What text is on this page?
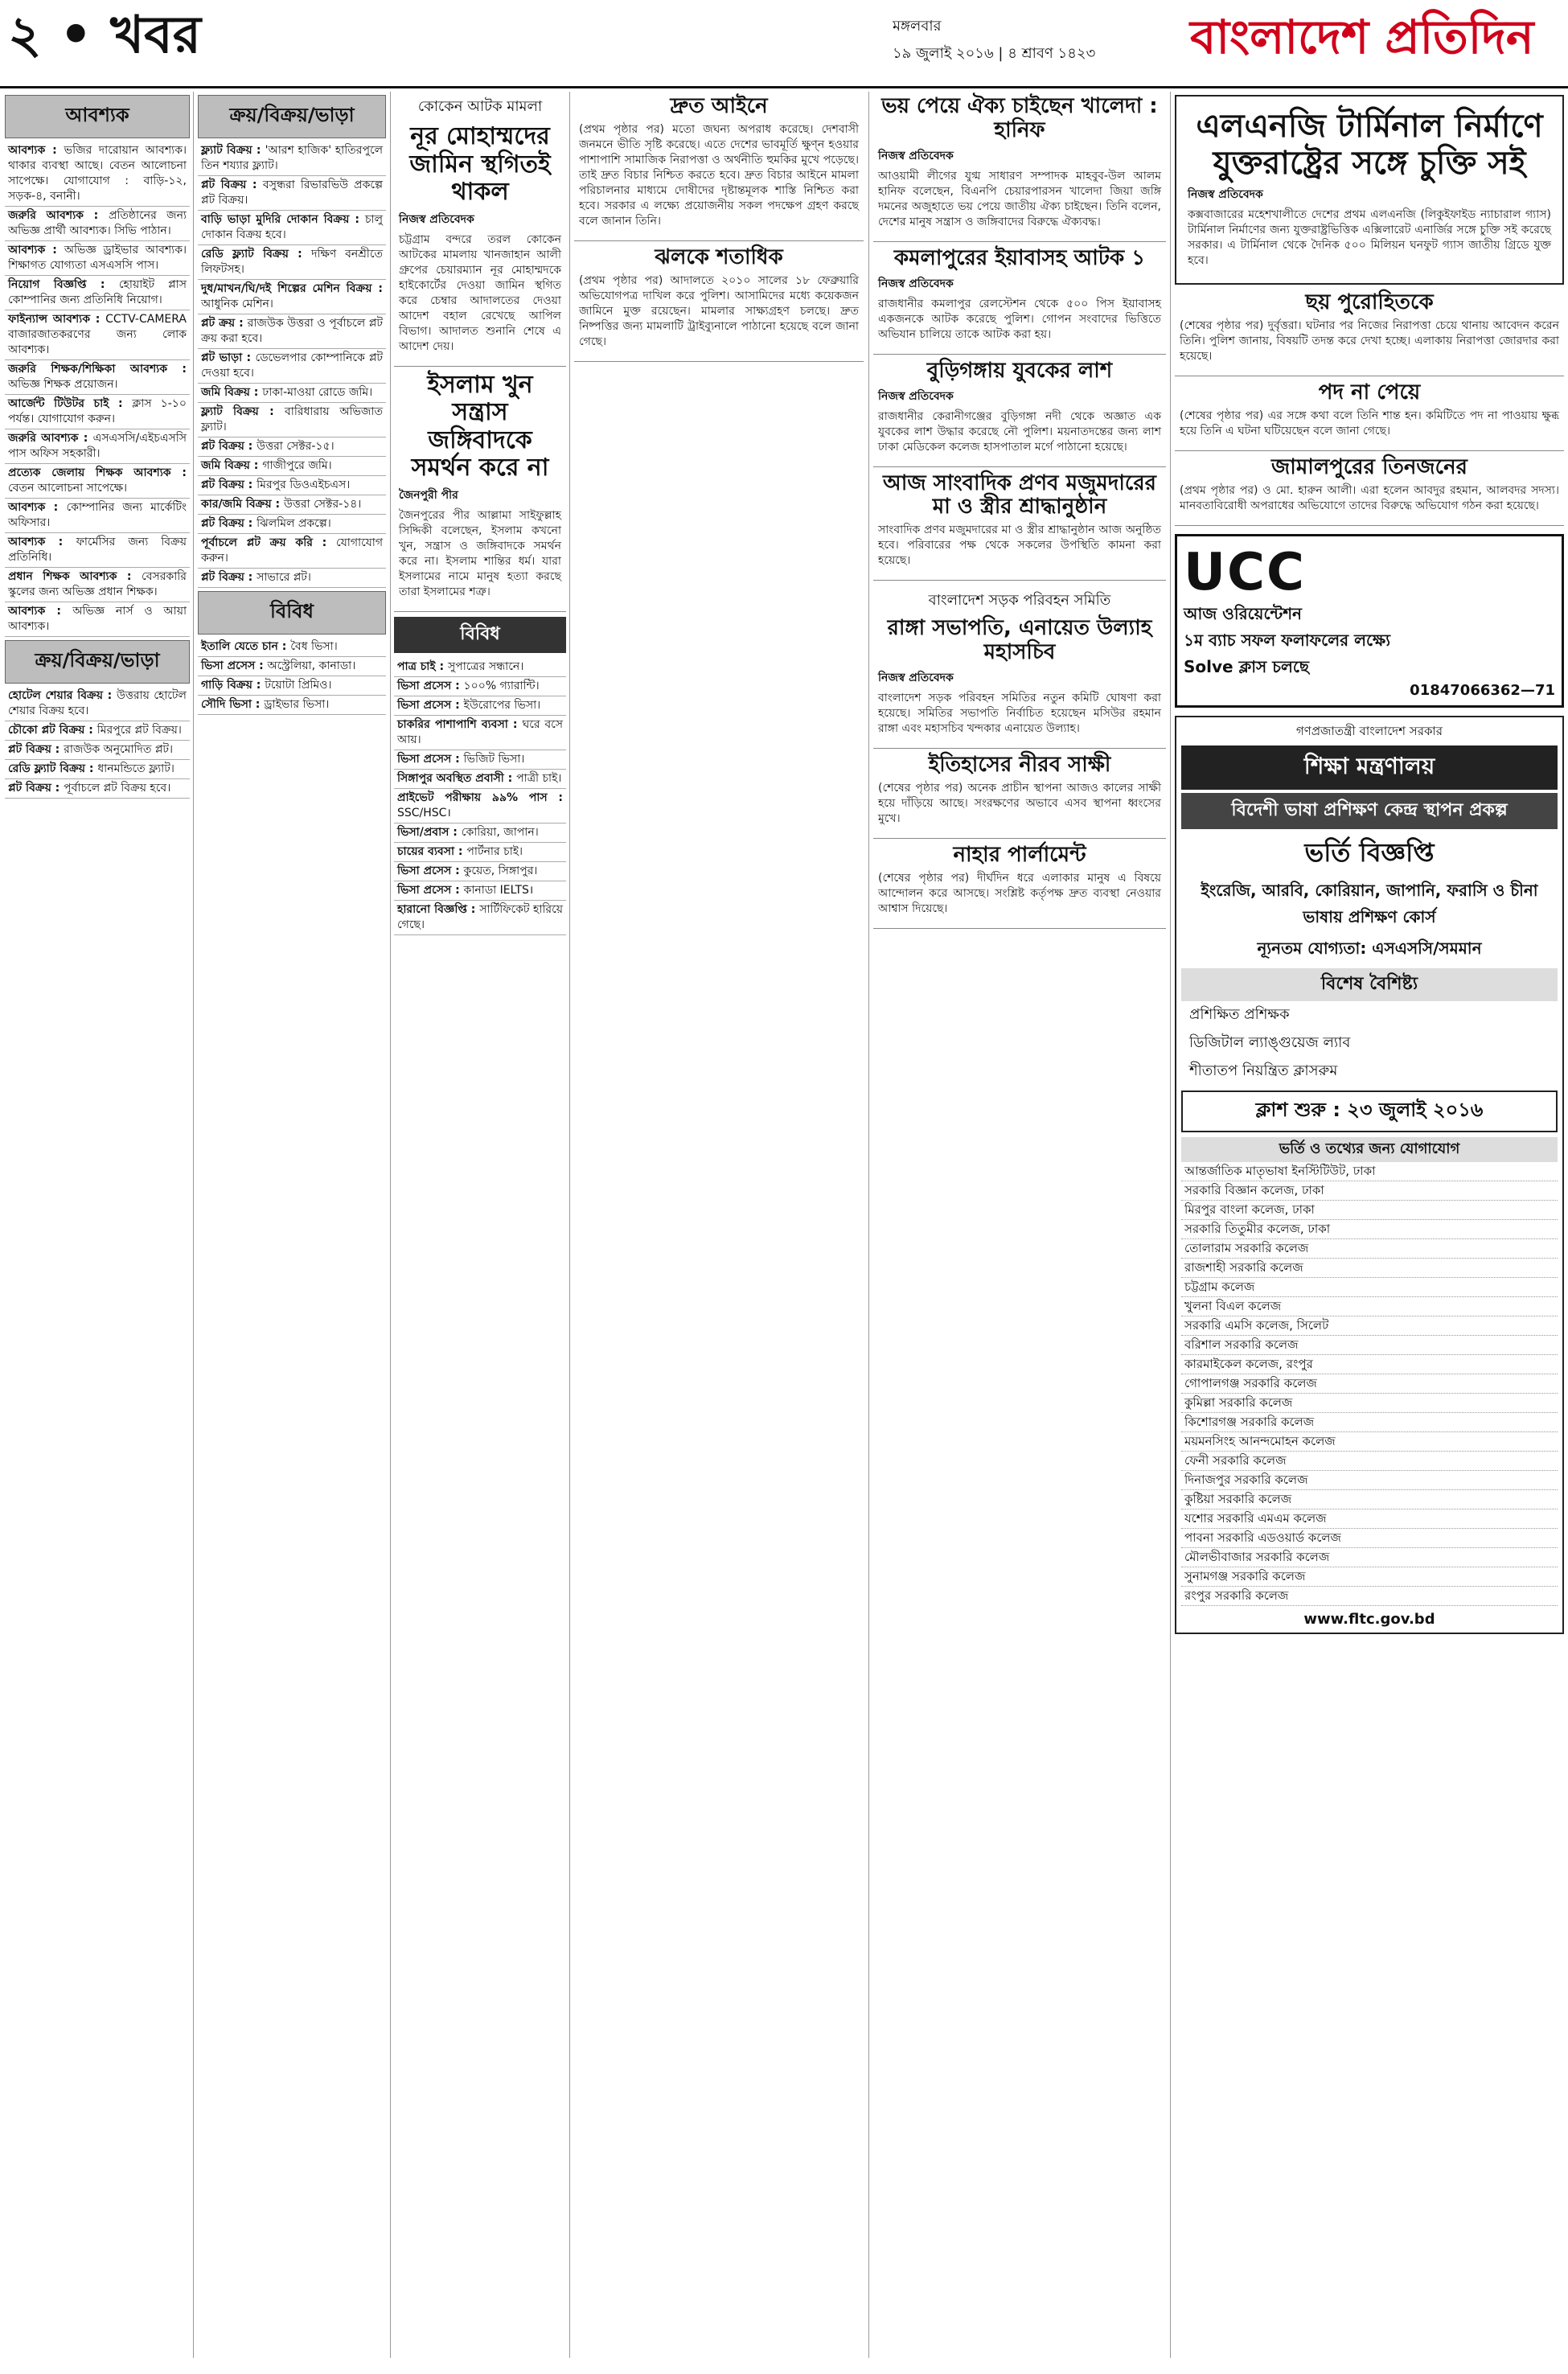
২ • খবর	মঙ্গলবার
১৯ জুলাই ২০১৬ | ৪ শ্রাবণ ১৪২৩ বাংলাদেশ প্রতিদিন
আবশ্যক
আবশ্যক : ভজির দারোয়ান আবশ্যক। থাকার ব্যবস্থা আছে। বেতন আলোচনা সাপেক্ষে। যোগাযোগ : বাড়ি-১২, সড়ক-৪, বনানী।
জরুরি আবশ্যক : প্রতিষ্ঠানের জন্য অভিজ্ঞ প্রার্থী আবশ্যক। সিভি পাঠান।
আবশ্যক : অভিজ্ঞ ড্রাইভার আবশ্যক। শিক্ষাগত যোগ্যতা এসএসসি পাস।
নিয়োগ বিজ্ঞপ্তি : হোয়াইট প্লাস কোম্পানির জন্য প্রতিনিধি নিয়োগ।
ফাইন্যান্স আবশ্যক : CCTV-CAMERA বাজারজাতকরণের জন্য লোক আবশ্যক।
জরুরি শিক্ষক/শিক্ষিকা আবশ্যক : অভিজ্ঞ শিক্ষক প্রয়োজন।
আর্জেন্ট টিউটর চাই : ক্লাস ১-১০ পর্যন্ত। যোগাযোগ করুন।
জরুরি আবশ্যক : এসএসসি/এইচএসসি পাস অফিস সহকারী।
প্রত্যেক জেলায় শিক্ষক আবশ্যক : বেতন আলোচনা সাপেক্ষে।
আবশ্যক : কোম্পানির জন্য মার্কেটিং অফিসার।
আবশ্যক : ফার্মেসির জন্য বিক্রয় প্রতিনিধি।
প্রধান শিক্ষক আবশ্যক : বেসরকারি স্কুলের জন্য অভিজ্ঞ প্রধান শিক্ষক।
আবশ্যক : অভিজ্ঞ নার্স ও আয়া আবশ্যক।
ক্রয়/বিক্রয়/ভাড়া
হোটেল শেয়ার বিক্রয় : উত্তরায় হোটেল শেয়ার বিক্রয় হবে।
চৌকো প্লট বিক্রয় : মিরপুরে প্লট বিক্রয়।
প্লট বিক্রয় : রাজউক অনুমোদিত প্লট।
রেডি ফ্ল্যাট বিক্রয় : ধানমন্ডিতে ফ্ল্যাট।
প্লট বিক্রয় : পূর্বাচলে প্লট বিক্রয় হবে।
ক্রয়/বিক্রয়/ভাড়া
ফ্ল্যাট বিক্রয় : 'আরশ হাজিক' হাতিরপুলে তিন শয্যার ফ্ল্যাট।
প্লট বিক্রয় : বসুন্ধরা রিভারভিউ প্রকল্পে প্লট বিক্রয়।
বাড়ি ভাড়া মুদিরি দোকান বিক্রয় : চালু দোকান বিক্রয় হবে।
রেডি ফ্ল্যাট বিক্রয় : দক্ষিণ বনশ্রীতে লিফটসহ।
দুধ/মাখন/ঘি/দই শিল্পের মেশিন বিক্রয় : আধুনিক মেশিন।
প্লট ক্রয় : রাজউক উত্তরা ও পূর্বাচলে প্লট ক্রয় করা হবে।
প্লট ভাড়া : ডেভেলপার কোম্পানিকে প্লট দেওয়া হবে।
জমি বিক্রয় : ঢাকা-মাওয়া রোডে জমি।
ফ্ল্যাট বিক্রয় : বারিধারায় অভিজাত ফ্ল্যাট।
প্লট বিক্রয় : উত্তরা সেক্টর-১৫।
জমি বিক্রয় : গাজীপুরে জমি।
প্লট বিক্রয় : মিরপুর ডিওএইচএস।
কার/জমি বিক্রয় : উত্তরা সেক্টর-১৪।
প্লট বিক্রয় : ঝিলমিল প্রকল্পে।
পূর্বাচলে প্লট ক্রয় করি : যোগাযোগ করুন।
প্লট বিক্রয় : সাভারে প্লট।
বিবিধ
ইতালি যেতে চান : বৈধ ভিসা।
ভিসা প্রসেস : অস্ট্রেলিয়া, কানাডা।
গাড়ি বিক্রয় : টয়োটা প্রিমিও।
সৌদি ভিসা : ড্রাইভার ভিসা।
কোকেন আটক মামলা
নূর মোহাম্মদের জামিন স্থগিতই থাকল
নিজস্ব প্রতিবেদক
চট্টগ্রাম বন্দরে তরল কোকেন আটকের মামলায় খানজাহান আলী গ্রুপের চেয়ারম্যান নূর মোহাম্মদকে হাইকোর্টের দেওয়া জামিন স্থগিত করে চেম্বার আদালতের দেওয়া আদেশ বহাল রেখেছে আপিল বিভাগ। আদালত শুনানি শেষে এ আদেশ দেয়।
ইসলাম খুন সন্ত্রাস জঙ্গিবাদকে সমর্থন করে না
জৈনপুরী পীর
জৈনপুরের পীর আল্লামা সাইফুল্লাহ সিদ্দিকী বলেছেন, ইসলাম কখনো খুন, সন্ত্রাস ও জঙ্গিবাদকে সমর্থন করে না। ইসলাম শান্তির ধর্ম। যারা ইসলামের নামে মানুষ হত্যা করছে তারা ইসলামের শত্রু।
বিবিধ
পাত্র চাই : সুপাত্রের সন্ধানে।
ভিসা প্রসেস : ১০০% গ্যারান্টি।
ভিসা প্রসেস : ইউরোপের ভিসা।
চাকরির পাশাপাশি ব্যবসা : ঘরে বসে আয়।
ভিসা প্রসেস : ভিজিট ভিসা।
সিঙ্গাপুর অবস্থিত প্রবাসী : পাত্রী চাই।
প্রাইভেট পরীক্ষায় ৯৯% পাস : SSC/HSC।
ভিসা/প্রবাস : কোরিয়া, জাপান।
চায়ের ব্যবসা : পার্টনার চাই।
ভিসা প্রসেস : কুয়েত, সিঙ্গাপুর।
ভিসা প্রসেস : কানাডা IELTS।
হারানো বিজ্ঞপ্তি : সার্টিফিকেট হারিয়ে গেছে।
দ্রুত আইনে
(প্রথম পৃষ্ঠার পর) মতো জঘন্য অপরাধ করেছে। দেশবাসী জনমনে ভীতি সৃষ্টি করেছে। এতে দেশের ভাবমূর্তি ক্ষুণ্ন হওয়ার পাশাপাশি সামাজিক নিরাপত্তা ও অর্থনীতি হুমকির মুখে পড়েছে। তাই দ্রুত বিচার নিশ্চিত করতে হবে। দ্রুত বিচার আইনে মামলা পরিচালনার মাধ্যমে দোষীদের দৃষ্টান্তমূলক শাস্তি নিশ্চিত করা হবে। সরকার এ লক্ষ্যে প্রয়োজনীয় সকল পদক্ষেপ গ্রহণ করছে বলে জানান তিনি।
ঝলকে শতাধিক
(প্রথম পৃষ্ঠার পর) আদালতে ২০১০ সালের ১৮ ফেব্রুয়ারি অভিযোগপত্র দাখিল করে পুলিশ। আসামিদের মধ্যে কয়েকজন জামিনে মুক্ত রয়েছেন। মামলার সাক্ষ্যগ্রহণ চলছে। দ্রুত নিষ্পত্তির জন্য মামলাটি ট্রাইব্যুনালে পাঠানো হয়েছে বলে জানা গেছে।
ভয় পেয়ে ঐক্য চাইছেন খালেদা : হানিফ
নিজস্ব প্রতিবেদক
আওয়ামী লীগের যুগ্ম সাধারণ সম্পাদক মাহবুব-উল আলম হানিফ বলেছেন, বিএনপি চেয়ারপারসন খালেদা জিয়া জঙ্গি দমনের অজুহাতে ভয় পেয়ে জাতীয় ঐক্য চাইছেন। তিনি বলেন, দেশের মানুষ সন্ত্রাস ও জঙ্গিবাদের বিরুদ্ধে ঐক্যবদ্ধ।
কমলাপুরের ইয়াবাসহ আটক ১
নিজস্ব প্রতিবেদক
রাজধানীর কমলাপুর রেলস্টেশন থেকে ৫০০ পিস ইয়াবাসহ একজনকে আটক করেছে পুলিশ। গোপন সংবাদের ভিত্তিতে অভিযান চালিয়ে তাকে আটক করা হয়।
বুড়িগঙ্গায় যুবকের লাশ
নিজস্ব প্রতিবেদক
রাজধানীর কেরানীগঞ্জের বুড়িগঙ্গা নদী থেকে অজ্ঞাত এক যুবকের লাশ উদ্ধার করেছে নৌ পুলিশ। ময়নাতদন্তের জন্য লাশ ঢাকা মেডিকেল কলেজ হাসপাতাল মর্গে পাঠানো হয়েছে।
আজ সাংবাদিক প্রণব মজুমদারের মা ও স্ত্রীর শ্রাদ্ধানুষ্ঠান
সাংবাদিক প্রণব মজুমদারের মা ও স্ত্রীর শ্রাদ্ধানুষ্ঠান আজ অনুষ্ঠিত হবে। পরিবারের পক্ষ থেকে সকলের উপস্থিতি কামনা করা হয়েছে।
বাংলাদেশ সড়ক পরিবহন সমিতি
রাঙ্গা সভাপতি, এনায়েত উল্যাহ মহাসচিব
নিজস্ব প্রতিবেদক
বাংলাদেশ সড়ক পরিবহন সমিতির নতুন কমিটি ঘোষণা করা হয়েছে। সমিতির সভাপতি নির্বাচিত হয়েছেন মসিউর রহমান রাঙ্গা এবং মহাসচিব খন্দকার এনায়েত উল্যাহ।
ইতিহাসের নীরব সাক্ষী
(শেষের পৃষ্ঠার পর) অনেক প্রাচীন স্থাপনা আজও কালের সাক্ষী হয়ে দাঁড়িয়ে আছে। সংরক্ষণের অভাবে এসব স্থাপনা ধ্বংসের মুখে।
নাহার পার্লামেন্ট
(শেষের পৃষ্ঠার পর) দীর্ঘদিন ধরে এলাকার মানুষ এ বিষয়ে আন্দোলন করে আসছে। সংশ্লিষ্ট কর্তৃপক্ষ দ্রুত ব্যবস্থা নেওয়ার আশ্বাস দিয়েছে।
এলএনজি টার্মিনাল নির্মাণে যুক্তরাষ্ট্রের সঙ্গে চুক্তি সই
নিজস্ব প্রতিবেদক
কক্সবাজারের মহেশখালীতে দেশের প্রথম এলএনজি (লিকুইফাইড ন্যাচারাল গ্যাস) টার্মিনাল নির্মাণের জন্য যুক্তরাষ্ট্রভিত্তিক এক্সিলারেট এনার্জির সঙ্গে চুক্তি সই করেছে সরকার। এ টার্মিনাল থেকে দৈনিক ৫০০ মিলিয়ন ঘনফুট গ্যাস জাতীয় গ্রিডে যুক্ত হবে।
ছয় পুরোহিতকে
(শেষের পৃষ্ঠার পর) দুর্বৃত্তরা। ঘটনার পর নিজের নিরাপত্তা চেয়ে থানায় আবেদন করেন তিনি। পুলিশ জানায়, বিষয়টি তদন্ত করে দেখা হচ্ছে। এলাকায় নিরাপত্তা জোরদার করা হয়েছে।
পদ না পেয়ে
(শেষের পৃষ্ঠার পর) এর সঙ্গে কথা বলে তিনি শান্ত হন। কমিটিতে পদ না পাওয়ায় ক্ষুব্ধ হয়ে তিনি এ ঘটনা ঘটিয়েছেন বলে জানা গেছে।
জামালপুরের তিনজনের
(প্রথম পৃষ্ঠার পর) ও মো. হারুন আলী। এরা হলেন আবদুর রহমান, আলবদর সদস্য। মানবতাবিরোধী অপরাধের অভিযোগে তাদের বিরুদ্ধে অভিযোগ গঠন করা হয়েছে।
UCC
আজ ওরিয়েন্টেশন
১ম ব্যাচ সফল ফলাফলের লক্ষ্যে
Solve ক্লাস চলছে
01847066362—71
গণপ্রজাতন্ত্রী বাংলাদেশ সরকার
শিক্ষা মন্ত্রণালয়
বিদেশী ভাষা প্রশিক্ষণ কেন্দ্র স্থাপন প্রকল্প
ভর্তি বিজ্ঞপ্তি
ইংরেজি, আরবি, কোরিয়ান, জাপানি, ফরাসি ও চীনা ভাষায় প্রশিক্ষণ কোর্স
ন্যূনতম যোগ্যতা: এসএসসি/সমমান
বিশেষ বৈশিষ্ট্য
প্রশিক্ষিত প্রশিক্ষক
ডিজিটাল ল্যাঙ্গুয়েজ ল্যাব
শীতাতপ নিয়ন্ত্রিত ক্লাসরুম
ক্লাশ শুরু : ২৩ জুলাই ২০১৬
ভর্তি ও তথ্যের জন্য যোগাযোগ
আন্তর্জাতিক মাতৃভাষা ইনস্টিটিউট, ঢাকা
সরকারি বিজ্ঞান কলেজ, ঢাকা
মিরপুর বাংলা কলেজ, ঢাকা
সরকারি তিতুমীর কলেজ, ঢাকা
তোলারাম সরকারি কলেজ
রাজশাহী সরকারি কলেজ
চট্টগ্রাম কলেজ
খুলনা বিএল কলেজ
সরকারি এমসি কলেজ, সিলেট
বরিশাল সরকারি কলেজ
কারমাইকেল কলেজ, রংপুর
গোপালগঞ্জ সরকারি কলেজ
কুমিল্লা সরকারি কলেজ
কিশোরগঞ্জ সরকারি কলেজ
ময়মনসিংহ আনন্দমোহন কলেজ
ফেনী সরকারি কলেজ
দিনাজপুর সরকারি কলেজ
কুষ্টিয়া সরকারি কলেজ
যশোর সরকারি এমএম কলেজ
পাবনা সরকারি এডওয়ার্ড কলেজ
মৌলভীবাজার সরকারি কলেজ
সুনামগঞ্জ সরকারি কলেজ
রংপুর সরকারি কলেজ
www.fltc.gov.bd
